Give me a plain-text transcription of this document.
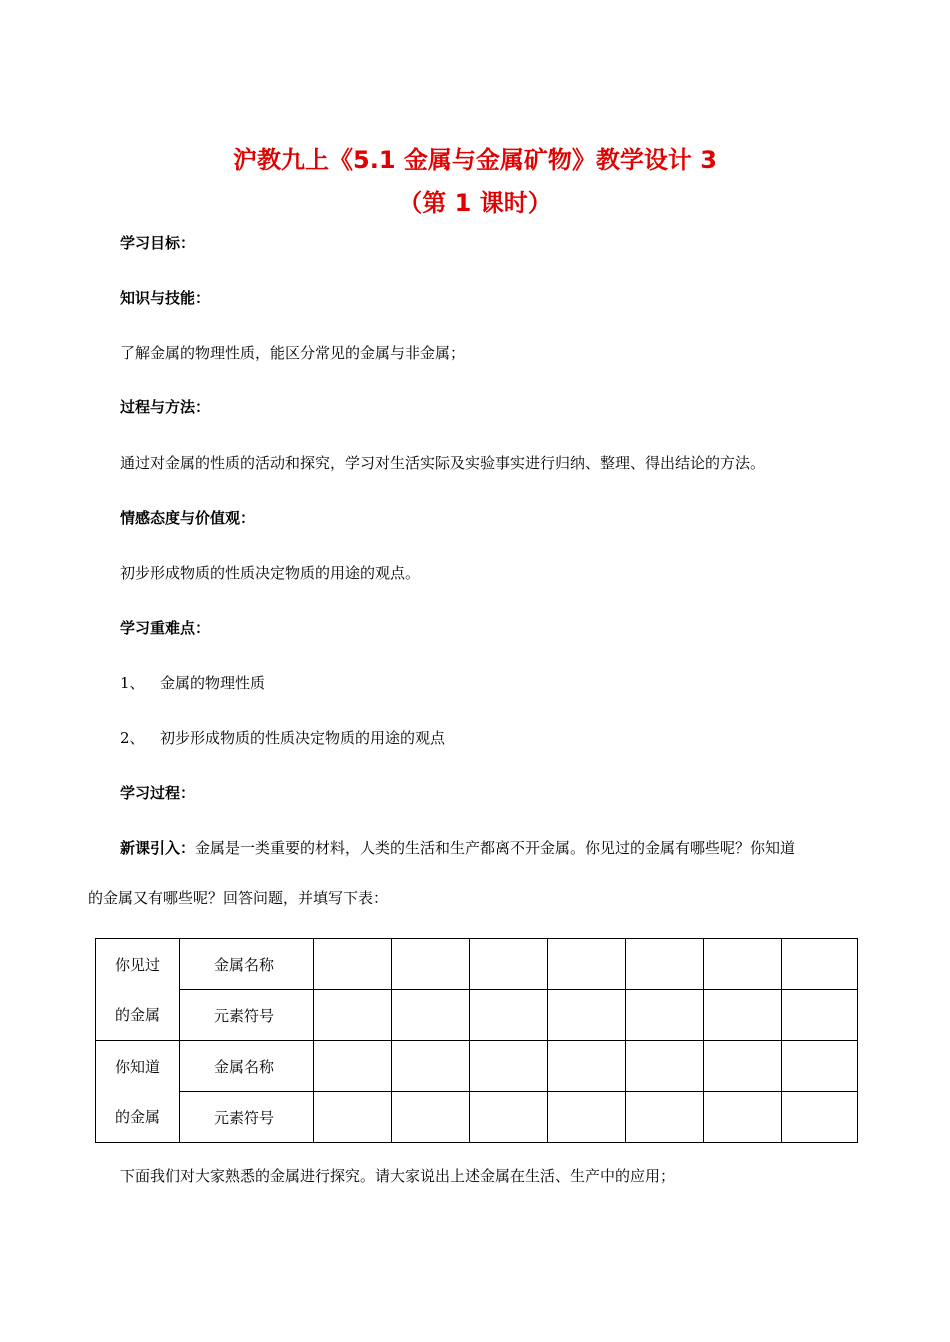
沪教九上《5.1 金属与金属矿物》教学设计 3
（第 1 课时）
学习目标：
知识与技能：
了解金属的物理性质，能区分常见的金属与非金属；
过程与方法：
通过对金属的性质的活动和探究，学习对生活实际及实验事实进行归纳、整理、得出结论的方法。
情感态度与价值观：
初步形成物质的性质决定物质的用途的观点。
学习重难点：
1、 金属的物理性质
2、 初步形成物质的性质决定物质的用途的观点
学习过程：
新课引入：金属是一类重要的材料，人类的生活和生产都离不开金属。你见过的金属有哪些呢？你知道
的金属又有哪些呢？回答问题，并填写下表：
你见过
的金属	金属名称							
	元素符号							

你知道
的金属	金属名称							
	元素符号							
下面我们对大家熟悉的金属进行探究。请大家说出上述金属在生活、生产中的应用；
